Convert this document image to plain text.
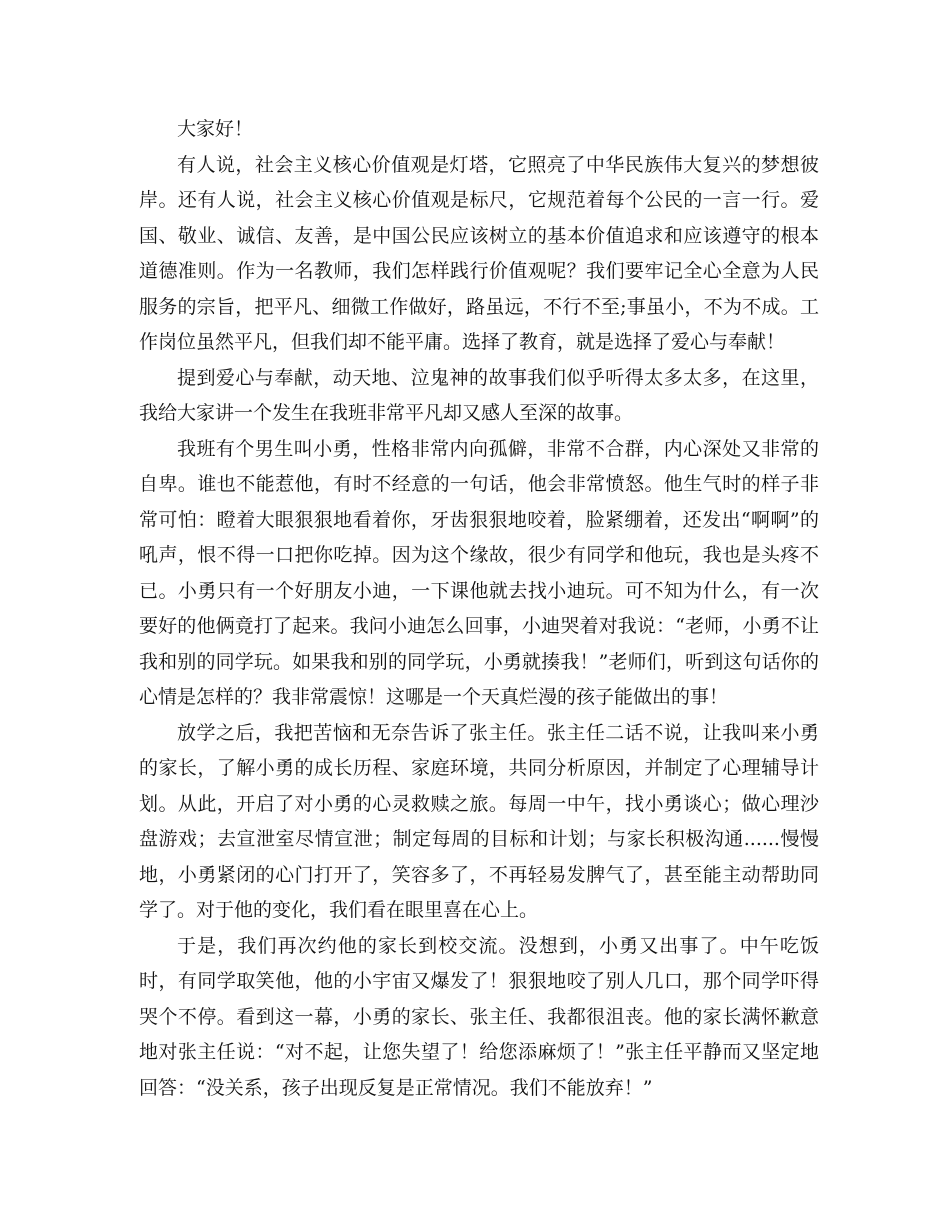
大家好！

有人说，社会主义核心价值观是灯塔，它照亮了中华民族伟大复兴的梦想彼岸。还有人说，社会主义核心价值观是标尺，它规范着每个公民的一言一行。爱国、敬业、诚信、友善，是中国公民应该树立的基本价值追求和应该遵守的根本道德准则。作为一名教师，我们怎样践行价值观呢？我们要牢记全心全意为人民服务的宗旨，把平凡、细微工作做好，路虽远，不行不至;事虽小，不为不成。工作岗位虽然平凡，但我们却不能平庸。选择了教育，就是选择了爱心与奉献！

提到爱心与奉献，动天地、泣鬼神的故事我们似乎听得太多太多，在这里，我给大家讲一个发生在我班非常平凡却又感人至深的故事。

我班有个男生叫小勇，性格非常内向孤僻，非常不合群，内心深处又非常的自卑。谁也不能惹他，有时不经意的一句话，他会非常愤怒。他生气时的样子非常可怕：瞪着大眼狠狠地看着你，牙齿狠狠地咬着，脸紧绷着，还发出“啊啊”的吼声，恨不得一口把你吃掉。因为这个缘故，很少有同学和他玩，我也是头疼不已。小勇只有一个好朋友小迪，一下课他就去找小迪玩。可不知为什么，有一次要好的他俩竟打了起来。我问小迪怎么回事，小迪哭着对我说：“老师，小勇不让我和别的同学玩。如果我和别的同学玩，小勇就揍我！”老师们，听到这句话你的心情是怎样的？我非常震惊！这哪是一个天真烂漫的孩子能做出的事！

放学之后，我把苦恼和无奈告诉了张主任。张主任二话不说，让我叫来小勇的家长，了解小勇的成长历程、家庭环境，共同分析原因，并制定了心理辅导计划。从此，开启了对小勇的心灵救赎之旅。每周一中午，找小勇谈心；做心理沙盘游戏；去宣泄室尽情宣泄；制定每周的目标和计划；与家长积极沟通......慢慢地，小勇紧闭的心门打开了，笑容多了，不再轻易发脾气了，甚至能主动帮助同学了。对于他的变化，我们看在眼里喜在心上。

于是，我们再次约他的家长到校交流。没想到，小勇又出事了。中午吃饭时，有同学取笑他，他的小宇宙又爆发了！狠狠地咬了别人几口，那个同学吓得哭个不停。看到这一幕，小勇的家长、张主任、我都很沮丧。他的家长满怀歉意地对张主任说：“对不起，让您失望了！给您添麻烦了！”张主任平静而又坚定地回答：“没关系，孩子出现反复是正常情况。我们不能放弃！”
